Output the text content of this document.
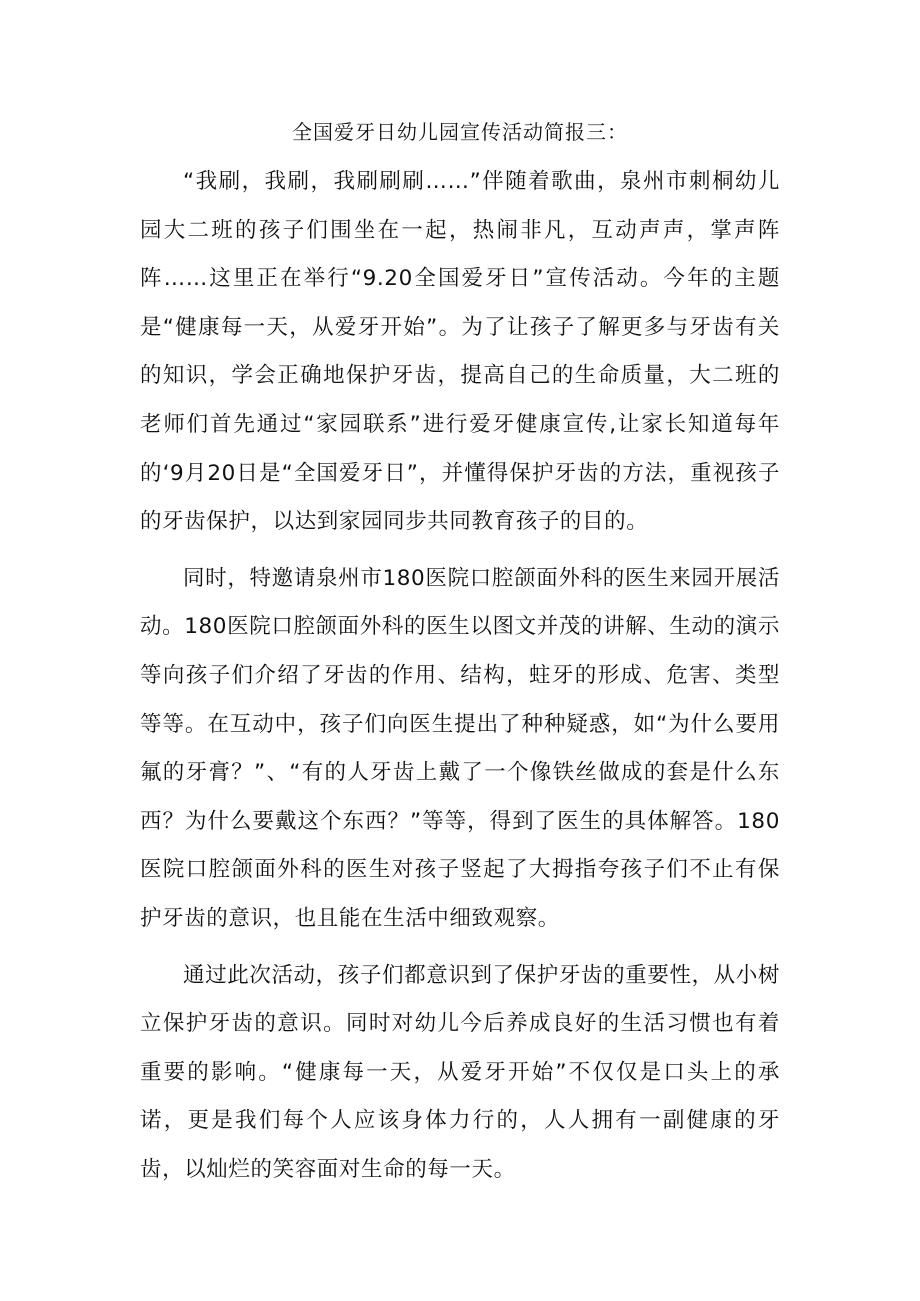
全国爱牙日幼儿园宣传活动简报三：

“我刷，我刷，我刷刷刷……”伴随着歌曲，泉州市刺桐幼儿园大二班的孩子们围坐在一起，热闹非凡，互动声声，掌声阵阵……这里正在举行“9.20全国爱牙日”宣传活动。今年的主题是“健康每一天，从爱牙开始”。为了让孩子了解更多与牙齿有关的知识，学会正确地保护牙齿，提高自己的生命质量，大二班的老师们首先通过“家园联系”进行爱牙健康宣传,让家长知道每年的‘9月20日是“全国爱牙日”，并懂得保护牙齿的方法，重视孩子的牙齿保护，以达到家园同步共同教育孩子的目的。

同时，特邀请泉州市180医院口腔颌面外科的医生来园开展活动。180医院口腔颌面外科的医生以图文并茂的讲解、生动的演示等向孩子们介绍了牙齿的作用、结构，蛀牙的形成、危害、类型等等。在互动中，孩子们向医生提出了种种疑惑，如“为什么要用氟的牙膏？”、“有的人牙齿上戴了一个像铁丝做成的套是什么东西？为什么要戴这个东西？”等等，得到了医生的具体解答。180医院口腔颌面外科的医生对孩子竖起了大拇指夸孩子们不止有保护牙齿的意识，也且能在生活中细致观察。

通过此次活动，孩子们都意识到了保护牙齿的重要性，从小树立保护牙齿的意识。同时对幼儿今后养成良好的生活习惯也有着重要的影响。“健康每一天，从爱牙开始”不仅仅是口头上的承诺，更是我们每个人应该身体力行的，人人拥有一副健康的牙齿，以灿烂的笑容面对生命的每一天。
